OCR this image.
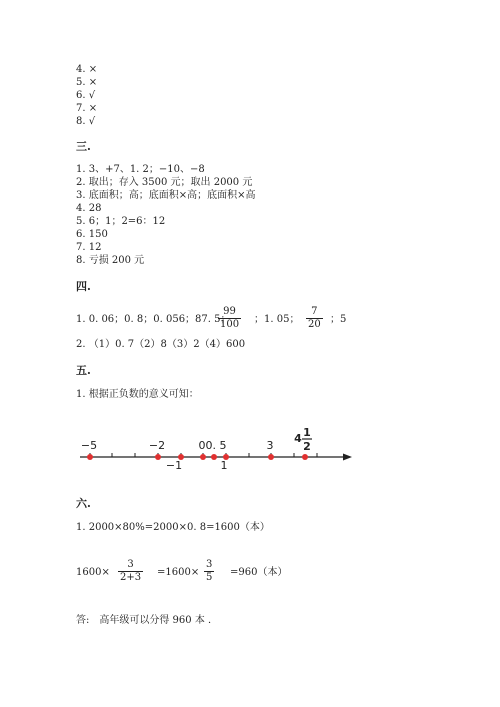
4. ×
5. ×
6. √
7. ×
8. √
三.
1. 3、+7、1. 2；−10、−8
2. 取出；存入 3500 元；取出 2000 元
3. 底面积；高；底面积×高；底面积×高
4. 28
5. 6；1；2=6：12
6. 150
7. 12
8. 亏损 200 元
四.
1. 0. 06；0. 8；0. 056；87. 5；
$\frac{99}{100}$ ；1. 05； $\frac{7}{20}$ ；5
2. （1）0. 7（2）8（3）2（4）600
五.
1. 根据正负数的意义可知：
−5	−2	0 0. 5	3
−1	1
4 1
2
六.
1. 2000×80%=2000×0. 8=1600（本）
$1600\times \frac{3}{2+3} =1600\times \frac{3}{5} =960$（本）
答:　高年级可以分得 960 本 ．
